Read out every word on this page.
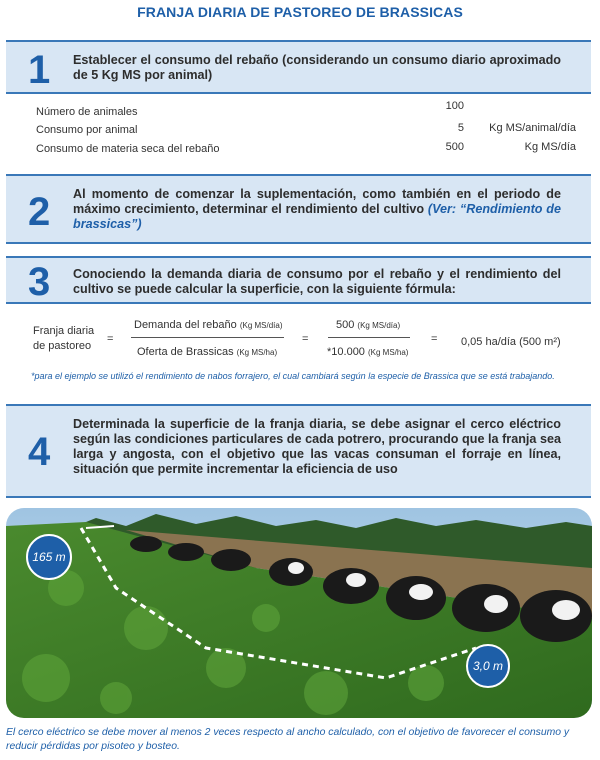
FRANJA DIARIA DE PASTOREO DE BRASSICAS
1 Establecer el consumo del rebaño (considerando un consumo diario aproximado de 5 Kg MS por animal)
Número de animales	100
Consumo por animal	5	Kg MS/animal/día
Consumo de materia seca del rebaño	500	Kg MS/día
2 Al momento de comenzar la suplementación, como también en el periodo de máximo crecimiento, determinar el rendimiento del cultivo (Ver: “Rendimiento de brassicas”)
3 Conociendo la demanda diaria de consumo por el rebaño y el rendimiento del cultivo se puede calcular la superficie, con la siguiente fórmula:
Franja diaria
de pastoreo
=
Demanda del rebaño (Kg MS/día)
Oferta de Brassicas (Kg MS/ha)
=
500 (Kg MS/día)
*10.000 (Kg MS/ha)
= 0,05 ha/día (500 m²)
*para el ejemplo se utilizó el rendimiento de nabos forrajero, el cual cambiará según la especie de Brassica que se está trabajando.
4
Determinada la superficie de la franja diaria, se debe asignar el cerco eléctrico según las condiciones particulares de cada potrero, procurando que la franja sea larga y angosta, con el objetivo que las vacas consuman el forraje en línea, situación que permite incrementar la eficiencia de uso
165 m
3,0 m
El cerco eléctrico se debe mover al menos 2 veces respecto al ancho calculado, con el objetivo de favorecer el consumo y reducir pérdidas por pisoteo y bosteo.
